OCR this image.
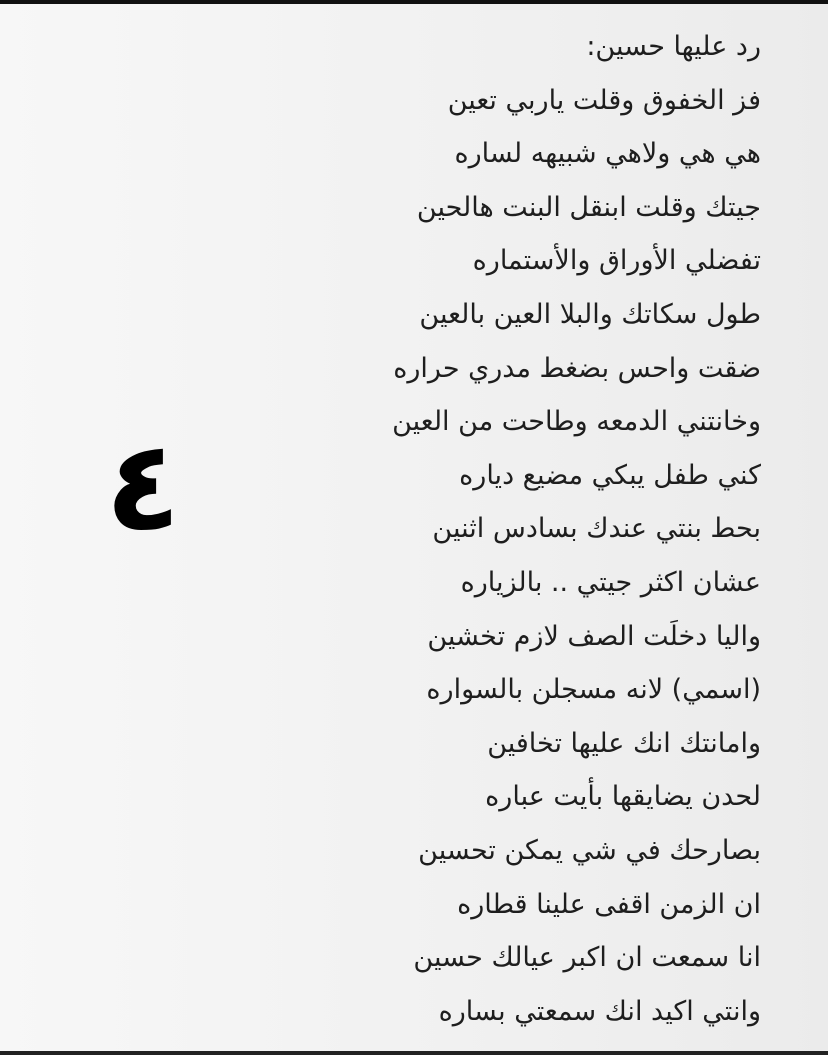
رد عليها حسين:
فز الخفوق وقلت ياربي تعين
هي هي ولاهي شبيهه لساره
جيتك وقلت ابنقل البنت هالحين
تفضلي الأوراق والأستماره
طول سكاتك والبلا العين بالعين
ضقت واحس بضغط مدري حراره
وخانتني الدمعه وطاحت من العين
كني طفل يبكي مضيع دياره
بحط بنتي عندك بسادس اثنين
عشان اكثر جيتي .. بالزياره
واليا دخلَت الصف لازم تخشين
(اسمي) لانه مسجلن بالسواره
وامانتك انك عليها تخافين
لحدن يضايقها بأيت عباره
بصارحك في شي يمكن تحسين
ان الزمن اقفى علينا قطاره
انا سمعت ان اكبر عيالك حسين
وانتي اكيد انك سمعتي بساره
٤
